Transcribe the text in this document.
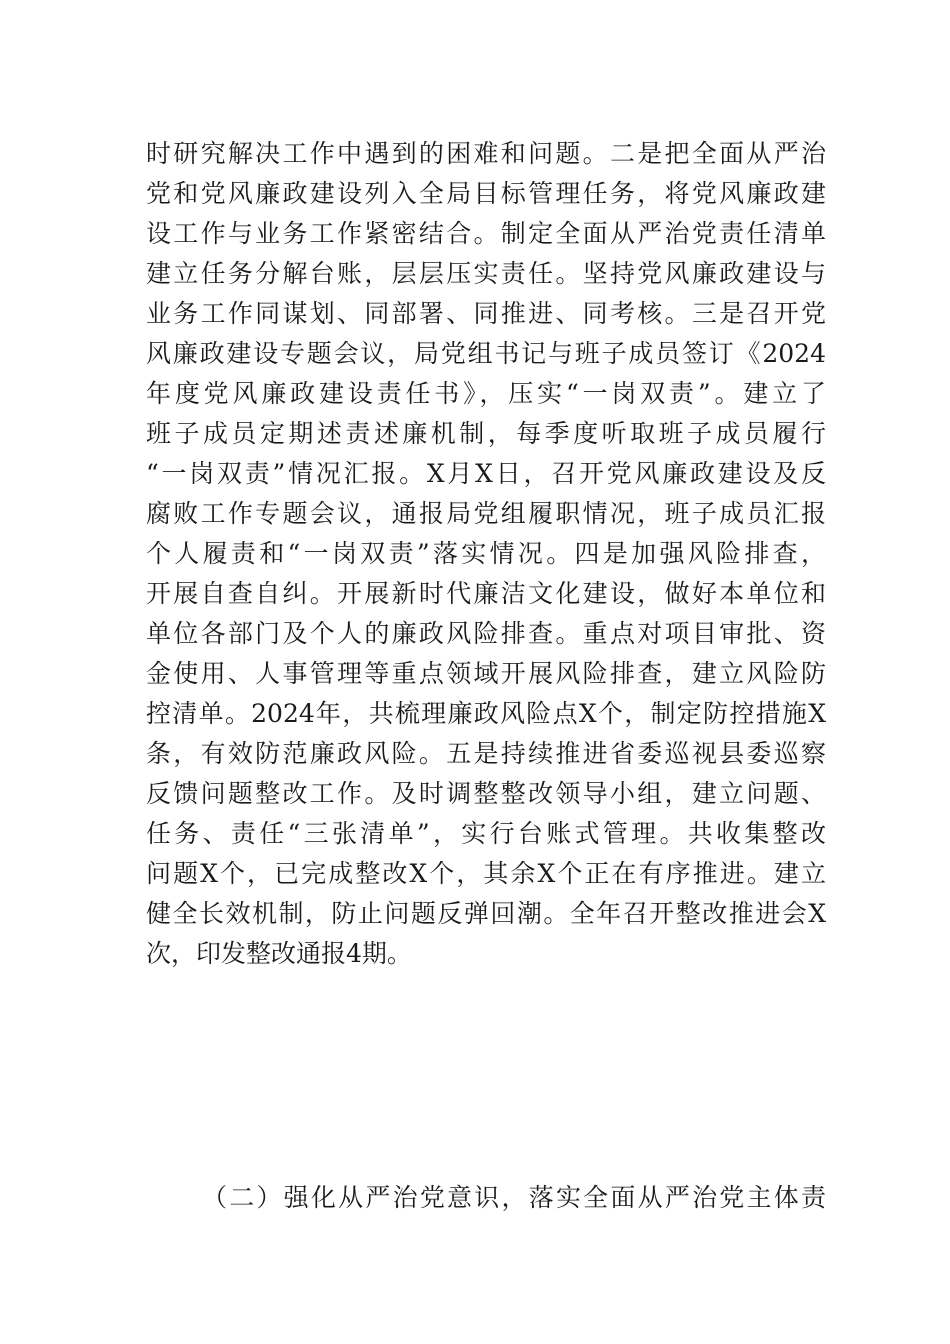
时研究解决工作中遇到的困难和问题。二是把全面从严治
党和党风廉政建设列入全局目标管理任务，将党风廉政建
设工作与业务工作紧密结合。制定全面从严治党责任清单
建立任务分解台账，层层压实责任。坚持党风廉政建设与
业务工作同谋划、同部署、同推进、同考核。三是召开党
风廉政建设专题会议，局党组书记与班子成员签订《2024
年度党风廉政建设责任书》，压实“一岗双责”。建立了
班子成员定期述责述廉机制，每季度听取班子成员履行
“一岗双责”情况汇报。X月X日，召开党风廉政建设及反
腐败工作专题会议，通报局党组履职情况，班子成员汇报
个人履责和“一岗双责”落实情况。四是加强风险排查，
开展自查自纠。开展新时代廉洁文化建设，做好本单位和
单位各部门及个人的廉政风险排查。重点对项目审批、资
金使用、人事管理等重点领域开展风险排查，建立风险防
控清单。2024年，共梳理廉政风险点X个，制定防控措施X
条，有效防范廉政风险。五是持续推进省委巡视县委巡察
反馈问题整改工作。及时调整整改领导小组，建立问题、
任务、责任“三张清单”，实行台账式管理。共收集整改
问题X个，已完成整改X个，其余X个正在有序推进。建立
健全长效机制，防止问题反弹回潮。全年召开整改推进会X
次，印发整改通报4期。
（二）强化从严治党意识，落实全面从严治党主体责
